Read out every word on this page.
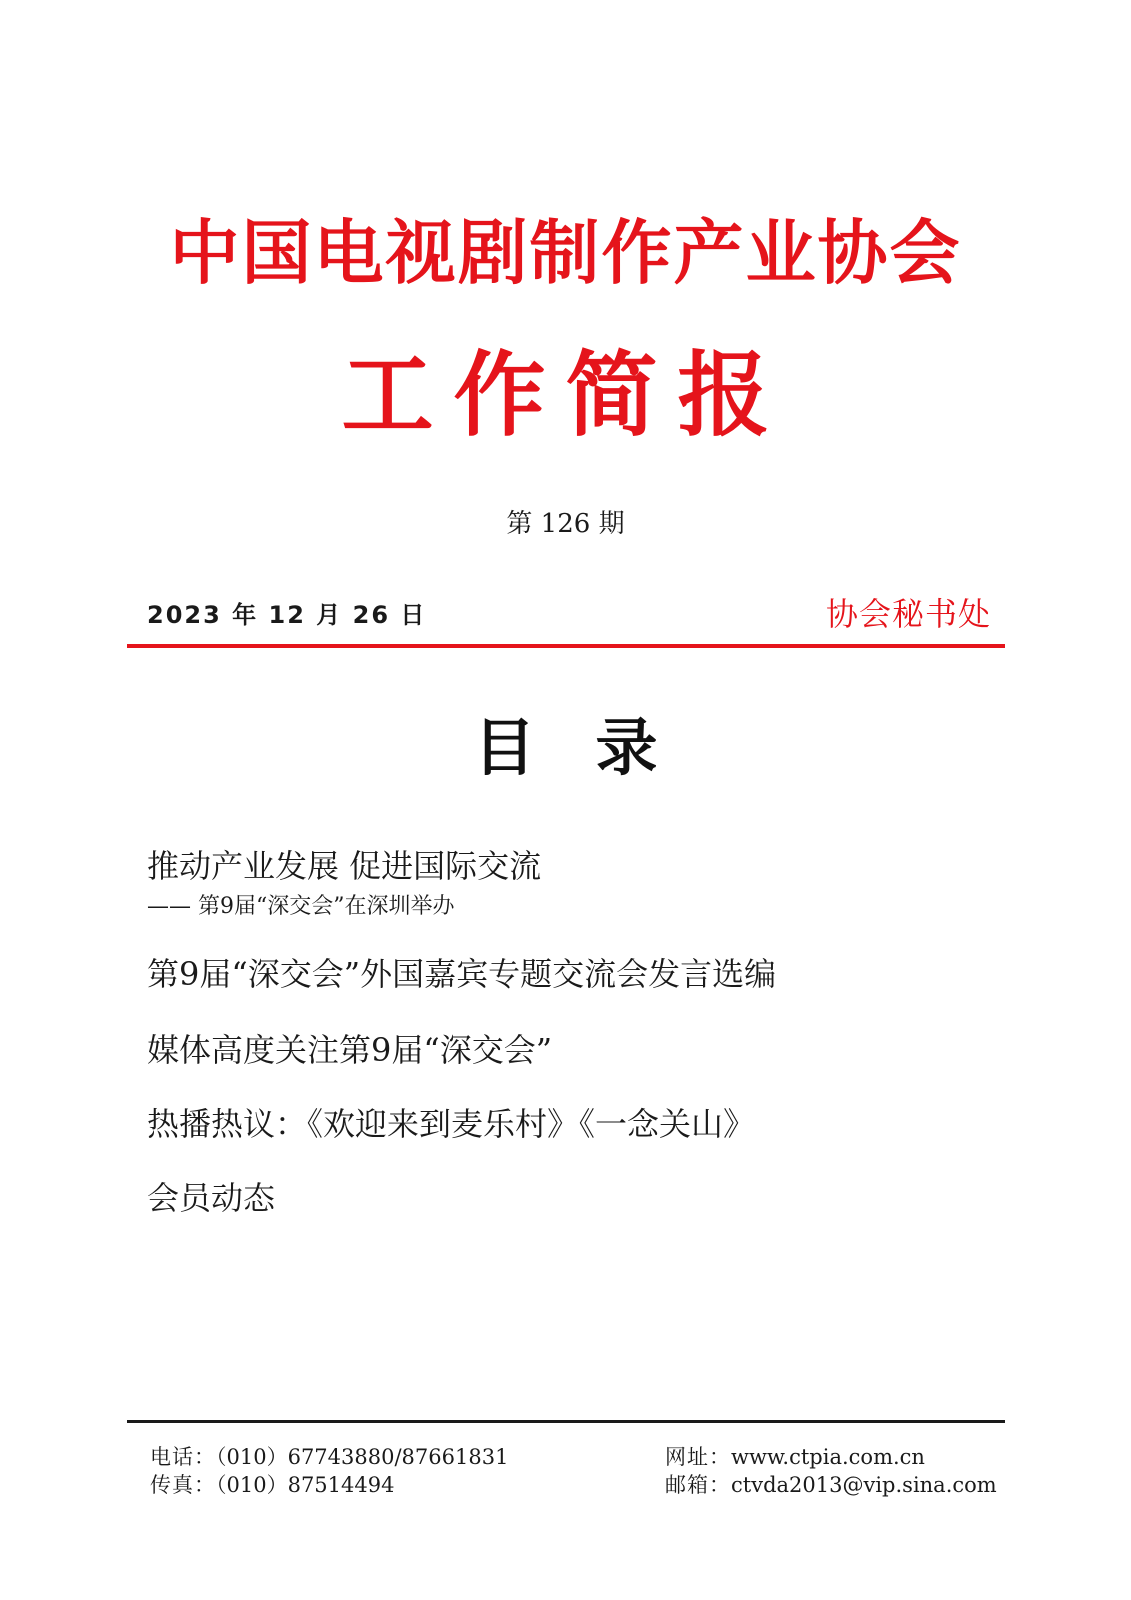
中国电视剧制作产业协会
工作简报
第 126 期
2023 年 12 月 26 日	协会秘书处
目录
推动产业发展 促进国际交流
—— 第9届“深交会”在深圳举办
第9届“深交会”外国嘉宾专题交流会发言选编
媒体高度关注第9届“深交会”
热播热议：《欢迎来到麦乐村》《一念关山》
会员动态
电话：（010）67743880/87661831
传真：（010）87514494
网址：www.ctpia.com.cn
邮箱：ctvda2013@vip.sina.com
